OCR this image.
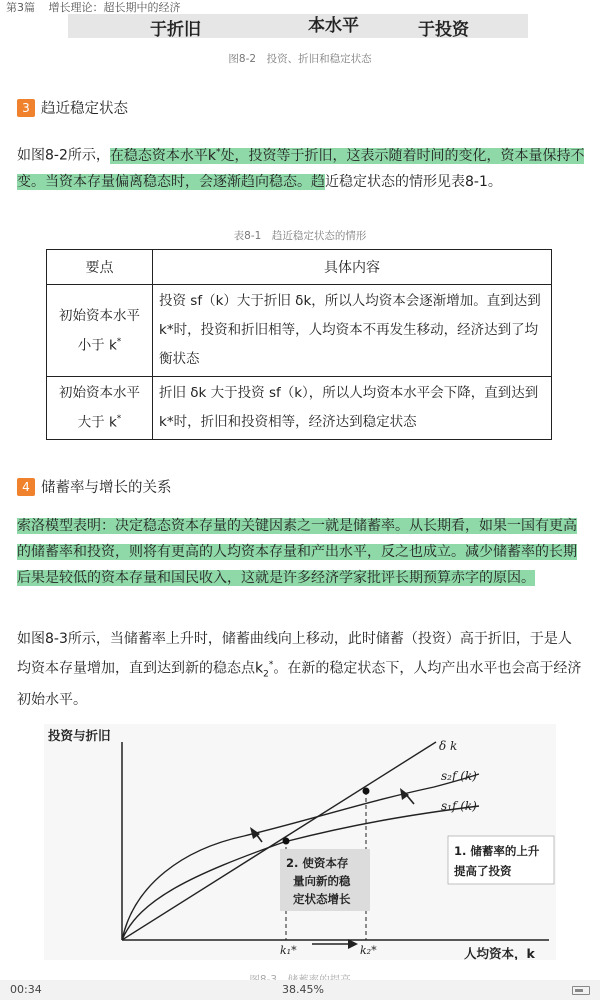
第3篇 增长理论：超长期中的经济
于折旧	本水平	于投资
图8-2　投资、折旧和稳定状态
3 趋近稳定状态
如图8-2所示，在稳态资本水平k*处，投资等于折旧，这表示随着时间的变化，资本量保持不变。当资本存量偏离稳态时，会逐渐趋向稳态。趋近稳定状态的情形见表8-1。
表8-1　趋近稳定状态的情形
要点	具体内容
初始资本水平小于 k*	投资 sf（k）大于折旧 δk，所以人均资本会逐渐增加。直到达到 k*时，投资和折旧相等，人均资本不再发生移动，经济达到了均衡状态
初始资本水平大于 k*	折旧 δk 大于投资 sf（k），所以人均资本水平会下降，直到达到 k*时，折旧和投资相等，经济达到稳定状态
4 储蓄率与增长的关系
索洛模型表明：决定稳态资本存量的关键因素之一就是储蓄率。从长期看，如果一国有更高的储蓄率和投资，则将有更高的人均资本存量和产出水平，反之也成立。减少储蓄率的长期后果是较低的资本存量和国民收入，这就是许多经济学家批评长期预算赤字的原因。
如图8-3所示，当储蓄率上升时，储蓄曲线向上移动，此时储蓄（投资）高于折旧，于是人均资本存量增加，直到达到新的稳态点$k_2^*$。在新的稳定状态下，人均产出水平也会高于经济初始水平。
投资与折旧
人均资本，k
δ k
s₂f (k)
s₁f (k)
k₁*	k₂*
2. 使资本存
量向新的稳
定状态增长
1. 储蓄率的上升
提高了投资
00:34	38.45%
